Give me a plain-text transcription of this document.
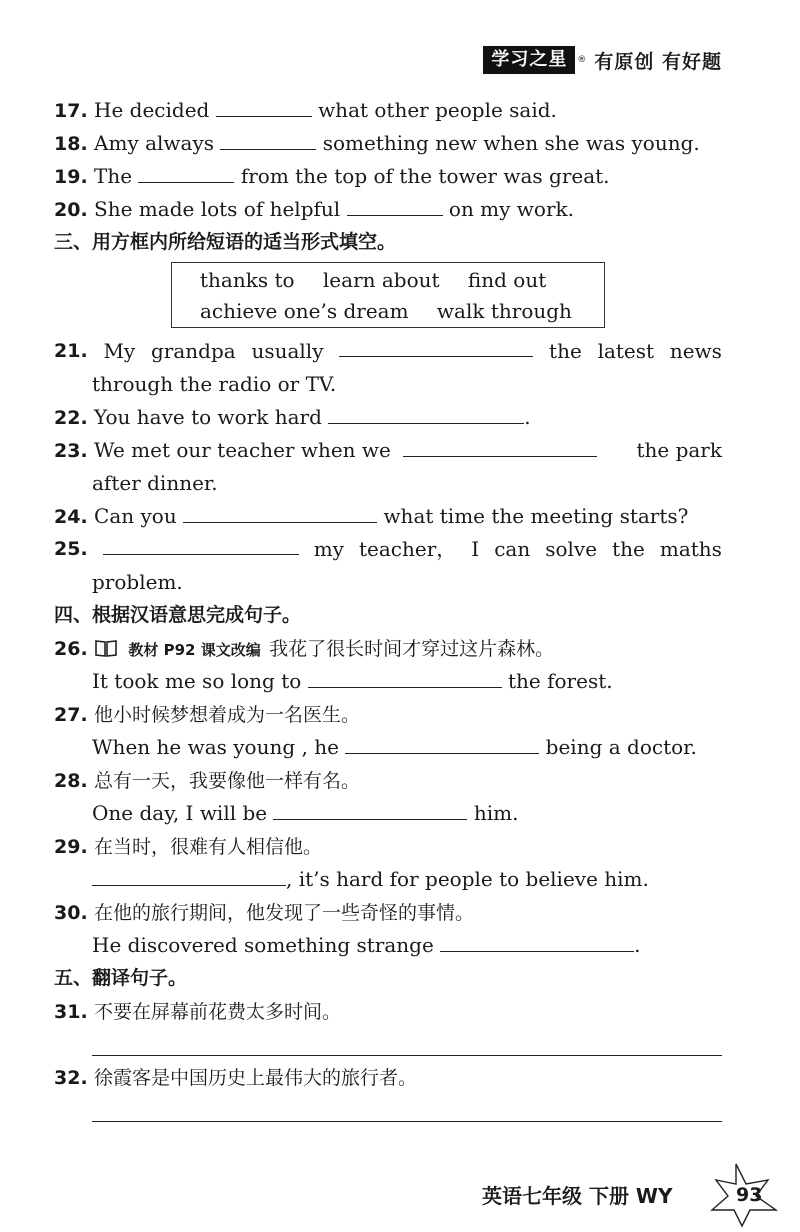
学习之星	® 有原创 有好题
17. He decided	what other people said.
18. Amy always	something new when she was young.
19. The	from the top of the tower was great.
20. She made lots of helpful	on my work.
三、用方框内所给短语的适当形式填空。
thanks to learn about find out
achieve one’s dream walk through
21. My grandpa usually	the latest news
through the radio or TV.
22. You have to work hard	.
23. We met our teacher when we	the park
after dinner.
24. Can you	what time the meeting starts?
25.	my teacher， I can solve the maths
problem.
四、根据汉语意思完成句子。
26.	教材 P92 课文改编 我花了很长时间才穿过这片森林。
It took me so long to	the forest.
27. 他小时候梦想着成为一名医生。
When he was young , he	being a doctor.
28. 总有一天，我要像他一样有名。
One day, I will be	him.
29. 在当时，很难有人相信他。
, it’s hard for people to believe him.
30. 在他的旅行期间，他发现了一些奇怪的事情。
He discovered something strange	.
五、翻译句子。
31. 不要在屏幕前花费太多时间。
32. 徐霞客是中国历史上最伟大的旅行者。
英语七年级 下册 WY	93
